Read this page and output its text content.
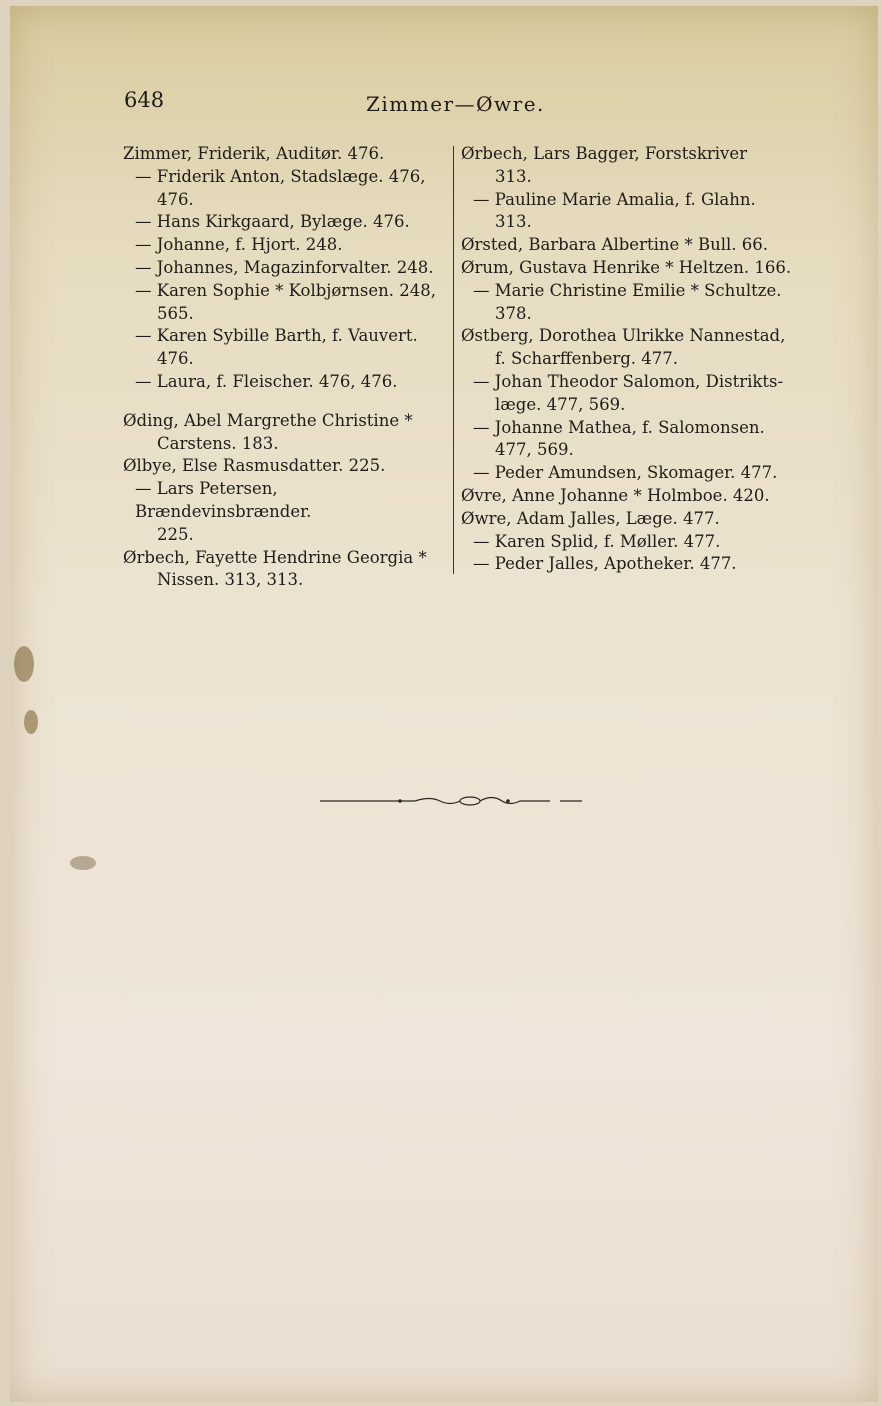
648	Zimmer—Øwre.
Zimmer, Friderik, Auditør. 476.
— Friderik Anton, Stadslæge. 476,
476.
— Hans Kirkgaard, Bylæge. 476.
— Johanne, f. Hjort. 248.
— Johannes, Magazinforvalter. 248.
— Karen Sophie * Kolbjørnsen. 248,
565.
— Karen Sybille Barth, f. Vauvert.
476.
— Laura, f. Fleischer. 476, 476.
Øding, Abel Margrethe Christine *
Carstens. 183.
Ølbye, Else Rasmusdatter. 225.
— Lars Petersen, Brændevinsbrænder.
225.
Ørbech, Fayette Hendrine Georgia *
Nissen. 313, 313.
Ørbech, Lars Bagger, Forstskriver
313.
— Pauline Marie Amalia, f. Glahn.
313.
Ørsted, Barbara Albertine * Bull. 66.
Ørum, Gustava Henrike * Heltzen. 166.
— Marie Christine Emilie * Schultze.
378.
Østberg, Dorothea Ulrikke Nannestad,
f. Scharffenberg. 477.
— Johan Theodor Salomon, Distrikts-
læge. 477, 569.
— Johanne Mathea, f. Salomonsen.
477, 569.
— Peder Amundsen, Skomager. 477.
Øvre, Anne Johanne * Holmboe. 420.
Øwre, Adam Jalles, Læge. 477.
— Karen Splid, f. Møller. 477.
— Peder Jalles, Apotheker. 477.
